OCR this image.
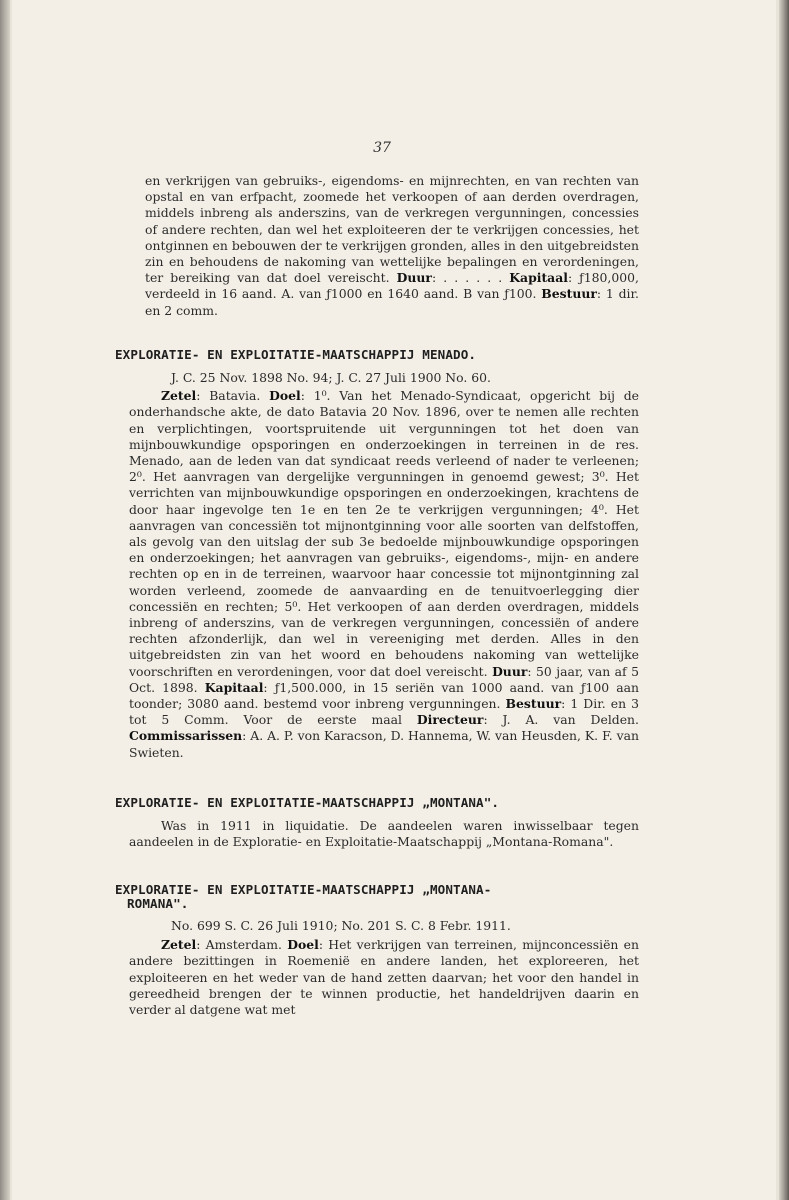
37

en verkrijgen van gebruiks-, eigendoms- en mijnrechten, en van rechten van opstal en van erfpacht, zoomede het verkoopen of aan derden overdragen, middels inbreng als anderszins, van de verkregen vergunningen, concessies of andere rechten, dan wel het exploiteeren der te verkrijgen concessies, het ontginnen en bebouwen der te verkrijgen gronden, alles in den uitgebreidsten zin en behoudens de nakoming van wettelijke bepalingen en verordeningen, ter bereiking van dat doel vereischt. Duur: . . . . . . Kapitaal: ƒ180,000, verdeeld in 16 aand. A. van ƒ1000 en 1640 aand. B van ƒ100. Bestuur: 1 dir. en 2 comm.

EXPLORATIE- EN EXPLOITATIE-MAATSCHAPPIJ MENADO.

J. C. 25 Nov. 1898 No. 94; J. C. 27 Juli 1900 No. 60.

Zetel: Batavia. Doel: 1⁰. Van het Menado-Syndicaat, opgericht bij de onderhandsche akte, de dato Batavia 20 Nov. 1896, over te nemen alle rechten en verplichtingen, voortspruitende uit vergunningen tot het doen van mijnbouwkundige opsporingen en onderzoekingen in terreinen in de res. Menado, aan de leden van dat syndicaat reeds verleend of nader te verleenen; 2⁰. Het aanvragen van dergelijke vergunningen in genoemd gewest; 3⁰. Het verrichten van mijnbouwkundige opsporingen en onderzoekingen, krachtens de door haar ingevolge ten 1e en ten 2e te verkrijgen vergunningen; 4⁰. Het aanvragen van concessiën tot mijnontginning voor alle soorten van delfstoffen, als gevolg van den uitslag der sub 3e bedoelde mijnbouwkundige opsporingen en onderzoekingen; het aanvragen van gebruiks-, eigendoms-, mijn- en andere rechten op en in de terreinen, waarvoor haar concessie tot mijnontginning zal worden verleend, zoomede de aanvaarding en de tenuitvoerlegging dier concessiën en rechten; 5⁰. Het verkoopen of aan derden overdragen, middels inbreng of anderszins, van de verkregen vergunningen, concessiën of andere rechten afzonderlijk, dan wel in vereeniging met derden. Alles in den uitgebreidsten zin van het woord en behoudens nakoming van wettelijke voorschriften en verordeningen, voor dat doel vereischt. Duur: 50 jaar, van af 5 Oct. 1898. Kapitaal: ƒ1,500.000, in 15 seriën van 1000 aand. van ƒ100 aan toonder; 3080 aand. bestemd voor inbreng vergunningen. Bestuur: 1 Dir. en 3 tot 5 Comm. Voor de eerste maal Directeur: J. A. van Delden. Commissarissen: A. A. P. von Karacson, D. Hannema, W. van Heusden, K. F. van Swieten.

EXPLORATIE- EN EXPLOITATIE-MAATSCHAPPIJ „MONTANA".

Was in 1911 in liquidatie. De aandeelen waren inwisselbaar tegen aandeelen in de Exploratie- en Exploitatie-Maatschappij „Montana-Romana".

EXPLORATIE- EN EXPLOITATIE-MAATSCHAPPIJ „MONTANA-
ROMANA".

No. 699 S. C. 26 Juli 1910; No. 201 S. C. 8 Febr. 1911.

Zetel: Amsterdam. Doel: Het verkrijgen van terreinen, mijnconcessiën en andere bezittingen in Roemenië en andere landen, het exploreeren, het exploiteeren en het weder van de hand zetten daarvan; het voor den handel in gereedheid brengen der te winnen productie, het handeldrijven daarin en verder al datgene wat met
